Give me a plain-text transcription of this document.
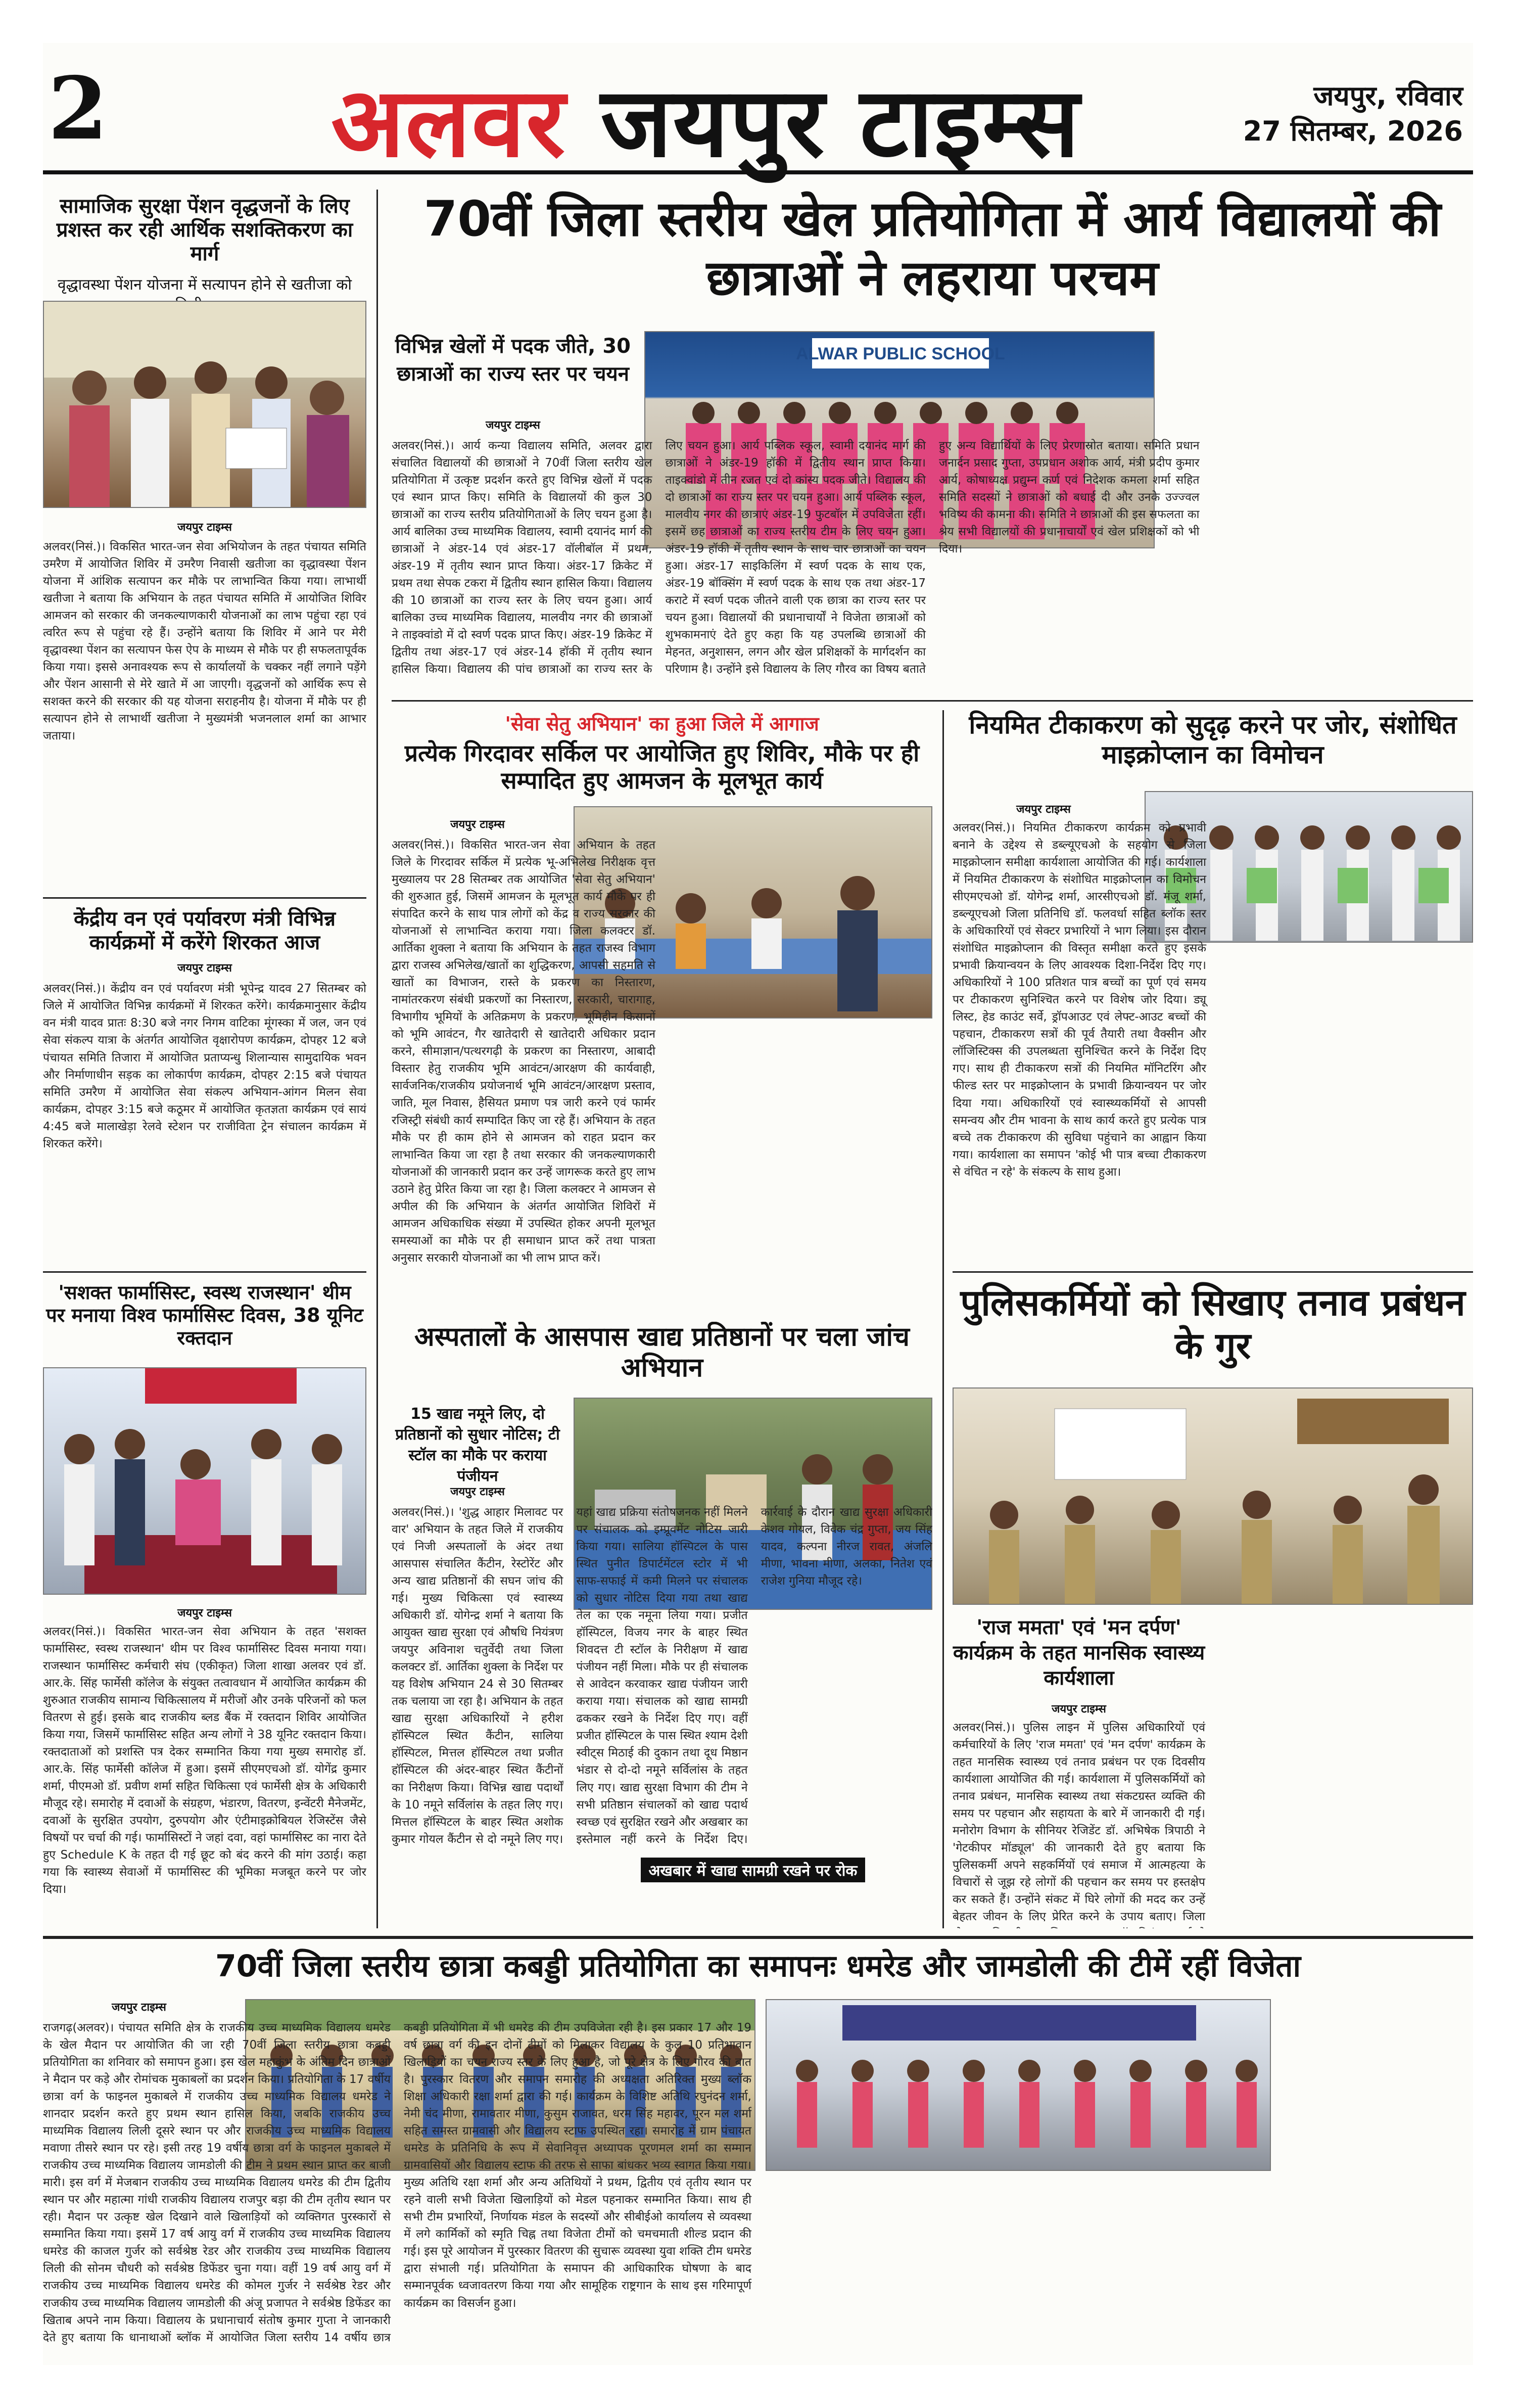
2 अलवर जयपुर टाइम्स	जयपुर, रविवार
27 सितम्बर, 2026
सामाजिक सुरक्षा पेंशन वृद्धजनों के लिए प्रशस्त कर रही आर्थिक सशक्तिकरण का मार्ग
वृद्धावस्था पेंशन योजना में सत्यापन होने से खतीजा को
जयपुर टाइम्स
अलवर(निसं.)। विकसित भारत-जन सेवा अभियोजन के तहत पंचायत समिति उमरैण में आयोजित शिविर में उमरैण निवासी खतीजा का वृद्धावस्था पेंशन योजना में आंशिक सत्यापन कर मौके पर लाभान्वित किया गया। लाभार्थी खतीजा ने बताया कि अभियान के तहत पंचायत समिति में आयोजित शिविर आमजन को सरकार की जनकल्याणकारी योजनाओं का लाभ पहुंचा रहा एवं त्वरित रूप से पहुंचा रहे हैं। उन्होंने बताया कि शिविर में आने पर मेरी वृद्धावस्था पेंशन का सत्यापन फेस ऐप के माध्यम से मौके पर ही सफलतापूर्वक किया गया। इससे अनावश्यक रूप से कार्यालयों के चक्कर नहीं लगाने पड़ेंगे और पेंशन आसानी से मेरे खाते में आ जाएगी। वृद्धजनों को आर्थिक रूप से सशक्त करने की सरकार की यह योजना सराहनीय है। योजना में मौके पर ही सत्यापन होने से लाभार्थी खतीजा ने मुख्यमंत्री भजनलाल शर्मा का आभार जताया।
केंद्रीय वन एवं पर्यावरण मंत्री विभिन्न कार्यक्रमों में करेंगे शिरकत आज
जयपुर टाइम्स
अलवर(निसं.)। केंद्रीय वन एवं पर्यावरण मंत्री भूपेन्द्र यादव 27 सितम्बर को जिले में आयोजित विभिन्न कार्यक्रमों में शिरकत करेंगे। कार्यक्रमानुसार केंद्रीय वन मंत्री यादव प्रातः 8:30 बजे नगर निगम वाटिका मूंगस्का में जल, जन एवं सेवा संकल्प यात्रा के अंतर्गत आयोजित वृक्षारोपण कार्यक्रम, दोपहर 12 बजे पंचायत समिति तिजारा में आयोजित प्रताप्यन्धु शिलान्यास सामुदायिक भवन और निर्माणाधीन सड़क का लोकार्पण कार्यक्रम, दोपहर 2:15 बजे पंचायत समिति उमरैण में आयोजित सेवा संकल्प अभियान-आंगन मिलन सेवा कार्यक्रम, दोपहर 3:15 बजे कठूमर में आयोजित कृतज्ञता कार्यक्रम एवं सायं 4:45 बजे मालाखेड़ा रेलवे स्टेशन पर राजीविता ट्रेन संचालन कार्यक्रम में शिरकत करेंगे।
'सशक्त फार्मासिस्ट, स्वस्थ राजस्थान' थीम पर मनाया विश्व फार्मासिस्ट दिवस, 38 यूनिट रक्तदान
जयपुर टाइम्स
अलवर(निसं.)। विकसित भारत-जन सेवा अभियान के तहत 'सशक्त फार्मासिस्ट, स्वस्थ राजस्थान' थीम पर विश्व फार्मासिस्ट दिवस मनाया गया। राजस्थान फार्मासिस्ट कर्मचारी संघ (एकीकृत) जिला शाखा अलवर एवं डॉ. आर.के. सिंह फार्मेसी कॉलेज के संयुक्त तत्वावधान में आयोजित कार्यक्रम की शुरुआत राजकीय सामान्य चिकित्सालय में मरीजों और उनके परिजनों को फल वितरण से हुई। इसके बाद राजकीय ब्लड बैंक में रक्तदान शिविर आयोजित किया गया, जिसमें फार्मासिस्ट सहित अन्य लोगों ने 38 यूनिट रक्तदान किया। रक्तदाताओं को प्रशस्ति पत्र देकर सम्मानित किया गया मुख्य समारोह डॉ. आर.के. सिंह फार्मेसी कॉलेज में हुआ। इसमें सीएमएचओ डॉ. योगेंद्र कुमार शर्मा, पीएमओ डॉ. प्रवीण शर्मा सहित चिकित्सा एवं फार्मेसी क्षेत्र के अधिकारी मौजूद रहे। समारोह में दवाओं के संग्रहण, भंडारण, वितरण, इन्वेंटरी मैनेजमेंट, दवाओं के सुरक्षित उपयोग, दुरुपयोग और एंटीमाइक्रोबियल रेजिस्टेंस जैसे विषयों पर चर्चा की गई। फार्मासिस्टों ने जहां दवा, वहां फार्मासिस्ट का नारा देते हुए Schedule K के तहत दी गई छूट को बंद करने की मांग उठाई। कहा गया कि स्वास्थ्य सेवाओं में फार्मासिस्ट की भूमिका मजबूत करने पर जोर दिया।
70वीं जिला स्तरीय खेल प्रतियोगिता में आर्य विद्यालयों की छात्राओं ने लहराया परचम
विभिन्न खेलों में पदक जीते, 30 छात्राओं का राज्य स्तर पर चयन
जयपुर टाइम्स
ALWAR PUBLIC SCHOOL
अलवर(निसं.)। आर्य कन्या विद्यालय समिति, अलवर द्वारा संचालित विद्यालयों की छात्राओं ने 70वीं जिला स्तरीय खेल प्रतियोगिता में उत्कृष्ट प्रदर्शन करते हुए विभिन्न खेलों में पदक एवं स्थान प्राप्त किए। समिति के विद्यालयों की कुल 30 छात्राओं का राज्य स्तरीय प्रतियोगिताओं के लिए चयन हुआ है। आर्य बालिका उच्च माध्यमिक विद्यालय, स्वामी दयानंद मार्ग की छात्राओं ने अंडर-14 एवं अंडर-17 वॉलीबॉल में प्रथम, अंडर-19 में तृतीय स्थान प्राप्त किया। अंडर-17 क्रिकेट में प्रथम तथा सेपक टकरा में द्वितीय स्थान हासिल किया। विद्यालय की 10 छात्राओं का राज्य स्तर के लिए चयन हुआ। आर्य बालिका उच्च माध्यमिक विद्यालय, मालवीय नगर की छात्राओं ने ताइक्वांडो में दो स्वर्ण पदक प्राप्त किए। अंडर-19 क्रिकेट में द्वितीय तथा अंडर-17 एवं अंडर-14 हॉकी में तृतीय स्थान हासिल किया। विद्यालय की पांच छात्राओं का राज्य स्तर के लिए चयन हुआ। आर्य पब्लिक स्कूल, स्वामी दयानंद मार्ग की छात्राओं ने अंडर-19 हॉकी में द्वितीय स्थान प्राप्त किया। ताइक्वांडो में तीन रजत एवं दो कांस्य पदक जीते। विद्यालय की दो छात्राओं का राज्य स्तर पर चयन हुआ। आर्य पब्लिक स्कूल, मालवीय नगर की छात्राएं अंडर-19 फुटबॉल में उपविजेता रहीं। इसमें छह छात्राओं का राज्य स्तरीय टीम के लिए चयन हुआ। अंडर-19 हॉकी में तृतीय स्थान के साथ चार छात्राओं का चयन हुआ। अंडर-17 साइकिलिंग में स्वर्ण पदक के साथ एक, अंडर-19 बॉक्सिंग में स्वर्ण पदक के साथ एक तथा अंडर-17 कराटे में स्वर्ण पदक जीतने वाली एक छात्रा का राज्य स्तर पर चयन हुआ। विद्यालयों की प्रधानाचार्यों ने विजेता छात्राओं को शुभकामनाएं देते हुए कहा कि यह उपलब्धि छात्राओं की मेहनत, अनुशासन, लगन और खेल प्रशिक्षकों के मार्गदर्शन का परिणाम है। उन्होंने इसे विद्यालय के लिए गौरव का विषय बताते हुए अन्य विद्यार्थियों के लिए प्रेरणास्रोत बताया। समिति प्रधान जनार्दन प्रसाद गुप्ता, उपप्रधान अशोक आर्य, मंत्री प्रदीप कुमार आर्य, कोषाध्यक्ष प्रद्युम्न कर्ण एवं निदेशक कमला शर्मा सहित समिति सदस्यों ने छात्राओं को बधाई दी और उनके उज्ज्वल भविष्य की कामना की। समिति ने छात्राओं की इस सफलता का श्रेय सभी विद्यालयों की प्रधानाचार्यों एवं खेल प्रशिक्षकों को भी दिया।
'सेवा सेतु अभियान' का हुआ जिले में आगाज
प्रत्येक गिरदावर सर्किल पर आयोजित हुए शिविर, मौके पर ही सम्पादित हुए आमजन के मूलभूत कार्य
जयपुर टाइम्स
अलवर(निसं.)। विकसित भारत-जन सेवा अभियान के तहत जिले के गिरदावर सर्किल में प्रत्येक भू-अभिलेख निरीक्षक वृत्त मुख्यालय पर 28 सितम्बर तक आयोजित 'सेवा सेतु अभियान' की शुरुआत हुई, जिसमें आमजन के मूलभूत कार्य मौके पर ही संपादित करने के साथ पात्र लोगों को केंद्र व राज्य सरकार की योजनाओं से लाभान्वित कराया गया। जिला कलक्टर डॉ. आर्तिका शुक्ला ने बताया कि अभियान के तहत राजस्व विभाग द्वारा राजस्व अभिलेख/खातों का शुद्धिकरण, आपसी सहमति से खातों का विभाजन, रास्ते के प्रकरण का निस्तारण, नामांतरकरण संबंधी प्रकरणों का निस्तारण, सरकारी, चारागाह, विभागीय भूमियों के अतिक्रमण के प्रकरण, भूमिहीन किसानों को भूमि आवंटन, गैर खातेदारी से खातेदारी अधिकार प्रदान करने, सीमाज्ञान/पत्थरगढ़ी के प्रकरण का निस्तारण, आबादी विस्तार हेतु राजकीय भूमि आवंटन/आरक्षण की कार्यवाही, सार्वजनिक/राजकीय प्रयोजनार्थ भूमि आवंटन/आरक्षण प्रस्ताव, जाति, मूल निवास, हैसियत प्रमाण पत्र जारी करने एवं फार्मर रजिस्ट्री संबंधी कार्य सम्पादित किए जा रहे हैं। अभियान के तहत मौके पर ही काम होने से आमजन को राहत प्रदान कर लाभान्वित किया जा रहा है तथा सरकार की जनकल्याणकारी योजनाओं की जानकारी प्रदान कर उन्हें जागरूक करते हुए लाभ उठाने हेतु प्रेरित किया जा रहा है। जिला कलक्टर ने आमजन से अपील की कि अभियान के अंतर्गत आयोजित शिविरों में आमजन अधिकाधिक संख्या में उपस्थित होकर अपनी मूलभूत समस्याओं का मौके पर ही समाधान प्राप्त करें तथा पात्रता अनुसार सरकारी योजनाओं का भी लाभ प्राप्त करें।
नियमित टीकाकरण को सुदृढ़ करने पर जोर, संशोधित माइक्रोप्लान का विमोचन
जयपुर टाइम्स
अलवर(निसं.)। नियमित टीकाकरण कार्यक्रम को प्रभावी बनाने के उद्देश्य से डब्ल्यूएचओ के सहयोग से जिला माइक्रोप्लान समीक्षा कार्यशाला आयोजित की गई। कार्यशाला में नियमित टीकाकरण के संशोधित माइक्रोप्लान का विमोचन सीएमएचओ डॉ. योगेन्द्र शर्मा, आरसीएचओ डॉ. मंजू शर्मा, डब्ल्यूएचओ जिला प्रतिनिधि डॉ. फलवर्धा सहित ब्लॉक स्तर के अधिकारियों एवं सेक्टर प्रभारियों ने भाग लिया। इस दौरान संशोधित माइक्रोप्लान की विस्तृत समीक्षा करते हुए इसके प्रभावी क्रियान्वयन के लिए आवश्यक दिशा-निर्देश दिए गए। अधिकारियों ने 100 प्रतिशत पात्र बच्चों का पूर्ण एवं समय पर टीकाकरण सुनिश्चित करने पर विशेष जोर दिया। ड्यू लिस्ट, हेड काउंट सर्वे, ड्रॉपआउट एवं लेफ्ट-आउट बच्चों की पहचान, टीकाकरण सत्रों की पूर्व तैयारी तथा वैक्सीन और लॉजिस्टिक्स की उपलब्धता सुनिश्चित करने के निर्देश दिए गए। साथ ही टीकाकरण सत्रों की नियमित मॉनिटरिंग और फील्ड स्तर पर माइक्रोप्लान के प्रभावी क्रियान्वयन पर जोर दिया गया। अधिकारियों एवं स्वास्थ्यकर्मियों से आपसी समन्वय और टीम भावना के साथ कार्य करते हुए प्रत्येक पात्र बच्चे तक टीकाकरण की सुविधा पहुंचाने का आह्वान किया गया। कार्यशाला का समापन 'कोई भी पात्र बच्चा टीकाकरण से वंचित न रहे' के संकल्प के साथ हुआ।
अस्पतालों के आसपास खाद्य प्रतिष्ठानों पर चला जांच अभियान
15 खाद्य नमूने लिए, दो प्रतिष्ठानों को सुधार नोटिस; टी स्टॉल का मौके पर कराया पंजीयन
जयपुर टाइम्स
अलवर(निसं.)। 'शुद्ध आहार मिलावट पर वार' अभियान के तहत जिले में राजकीय एवं निजी अस्पतालों के अंदर तथा आसपास संचालित कैंटीन, रेस्टोरेंट और अन्य खाद्य प्रतिष्ठानों की सघन जांच की गई। मुख्य चिकित्सा एवं स्वास्थ्य अधिकारी डॉ. योगेन्द्र शर्मा ने बताया कि आयुक्त खाद्य सुरक्षा एवं औषधि नियंत्रण जयपुर अविनाश चतुर्वेदी तथा जिला कलक्टर डॉ. आर्तिका शुक्ला के निर्देश पर यह विशेष अभियान 24 से 30 सितम्बर तक चलाया जा रहा है। अभियान के तहत खाद्य सुरक्षा अधिकारियों ने हरीश हॉस्पिटल स्थित कैंटीन, सालिया हॉस्पिटल, मित्तल हॉस्पिटल तथा प्रजीत हॉस्पिटल की अंदर-बाहर स्थित कैंटीनों का निरीक्षण किया। विभिन्न खाद्य पदार्थों के 10 नमूने सर्विलांस के तहत लिए गए। मित्तल हॉस्पिटल के बाहर स्थित अशोक कुमार गोयल कैंटीन से दो नमूने लिए गए। यहां खाद्य प्रक्रिया संतोषजनक नहीं मिलने पर संचालक को इम्प्रूवमेंट नोटिस जारी किया गया। सालिया हॉस्पिटल के पास स्थित पुनीत डिपार्टमेंटल स्टोर में भी साफ-सफाई में कमी मिलने पर संचालक को सुधार नोटिस दिया गया तथा खाद्य तेल का एक नमूना लिया गया। प्रजीत हॉस्पिटल, विजय नगर के बाहर स्थित शिवदत्त टी स्टॉल के निरीक्षण में खाद्य पंजीयन नहीं मिला। मौके पर ही संचालक से आवेदन करवाकर खाद्य पंजीयन जारी कराया गया। संचालक को खाद्य सामग्री ढककर रखने के निर्देश दिए गए। वहीं प्रजीत हॉस्पिटल के पास स्थित श्याम देशी स्वीट्स मिठाई की दुकान तथा दूध मिष्ठान भंडार से दो-दो नमूने सर्विलांस के तहत लिए गए। खाद्य सुरक्षा विभाग की टीम ने सभी प्रतिष्ठान संचालकों को खाद्य पदार्थ स्वच्छ एवं सुरक्षित रखने और अखबार का इस्तेमाल नहीं करने के निर्देश दिए। कार्रवाई के दौरान खाद्य सुरक्षा अधिकारी केशव गोयल, विवेक चंद्र गुप्ता, जय सिंह यादव, कल्पना नीरज रावत, अंजलि मीणा, भावना मीणा, अलका, नितेश एवं राजेश गुनिया मौजूद रहे।
अखबार में खाद्य सामग्री रखने पर रोक
पुलिसकर्मियों को सिखाए तनाव प्रबंधन के गुर
'राज ममता' एवं 'मन दर्पण' कार्यक्रम के तहत मानसिक स्वास्थ्य कार्यशाला
जयपुर टाइम्स
अलवर(निसं.)। पुलिस लाइन में पुलिस अधिकारियों एवं कर्मचारियों के लिए 'राज ममता' एवं 'मन दर्पण' कार्यक्रम के तहत मानसिक स्वास्थ्य एवं तनाव प्रबंधन पर एक दिवसीय कार्यशाला आयोजित की गई। कार्यशाला में पुलिसकर्मियों को तनाव प्रबंधन, मानसिक स्वास्थ्य तथा संकटग्रस्त व्यक्ति की समय पर पहचान और सहायता के बारे में जानकारी दी गई। मनोरोग विभाग के सीनियर रेजिडेंट डॉ. अभिषेक त्रिपाठी ने 'गेटकीपर मॉड्यूल' की जानकारी देते हुए बताया कि पुलिसकर्मी अपने सहकर्मियों एवं समाज में आत्महत्या के विचारों से जूझ रहे लोगों की पहचान कर समय पर हस्तक्षेप कर सकते हैं। उन्होंने संकट में घिरे लोगों की मदद कर उन्हें बेहतर जीवन के लिए प्रेरित करने के उपाय बताए। जिला
70वीं जिला स्तरीय छात्रा कबड्डी प्रतियोगिता का समापनः धमरेड और जामडोली की टीमें रहीं विजेता
जयपुर टाइम्स
राजगढ़(अलवर)। पंचायत समिति क्षेत्र के राजकीय उच्च माध्यमिक विद्यालय धमरेड के खेल मैदान पर आयोजित की जा रही 70वीं जिला स्तरीय छात्रा कबड्डी प्रतियोगिता का शनिवार को समापन हुआ। इस खेल महाकुंभ के अंतिम दिन छात्राओं ने मैदान पर कड़े और रोमांचक मुकाबलों का प्रदर्शन किया। प्रतियोगिता के 17 वर्षीय छात्रा वर्ग के फाइनल मुकाबले में राजकीय उच्च माध्यमिक विद्यालय धमरेड ने शानदार प्रदर्शन करते हुए प्रथम स्थान हासिल किया, जबकि राजकीय उच्च माध्यमिक विद्यालय लिली दूसरे स्थान पर और राजकीय उच्च माध्यमिक विद्यालय मवाणा तीसरे स्थान पर रहे। इसी तरह 19 वर्षीय छात्रा वर्ग के फाइनल मुकाबले में राजकीय उच्च माध्यमिक विद्यालय जामडोली की टीम ने प्रथम स्थान प्राप्त कर बाजी मारी। इस वर्ग में मेजबान राजकीय उच्च माध्यमिक विद्यालय धमरेड की टीम द्वितीय स्थान पर और महात्मा गांधी राजकीय विद्यालय राजपुर बड़ा की टीम तृतीय स्थान पर रही। मैदान पर उत्कृष्ट खेल दिखाने वाले खिलाड़ियों को व्यक्तिगत पुरस्कारों से सम्मानित किया गया। इसमें 17 वर्ष आयु वर्ग में राजकीय उच्च माध्यमिक विद्यालय धमरेड की काजल गुर्जर को सर्वश्रेष्ठ रेडर और राजकीय उच्च माध्यमिक विद्यालय लिली की सोनम चौधरी को सर्वश्रेष्ठ डिफेंडर चुना गया। वहीं 19 वर्ष आयु वर्ग में राजकीय उच्च माध्यमिक विद्यालय धमरेड की कोमल गुर्जर ने सर्वश्रेष्ठ रेडर और राजकीय उच्च माध्यमिक विद्यालय जामडोली की अंजू प्रजापत ने सर्वश्रेष्ठ डिफेंडर का खिताब अपने नाम किया। विद्यालय के प्रधानाचार्य संतोष कुमार गुप्ता ने जानकारी देते हुए बताया कि धानाथाओं ब्लॉक में आयोजित जिला स्तरीय 14 वर्षीय छात्र कबड्डी प्रतियोगिता में भी धमरेड की टीम उपविजेता रही है। इस प्रकार 17 और 19 वर्ष छात्रा वर्ग की इन दोनों टीमों को मिलाकर विद्यालय के कुल 10 प्रतिभावान खिलाड़ियों का चयन राज्य स्तर के लिए हुआ है, जो पूरे क्षेत्र के लिए गौरव की बात है। पुरस्कार वितरण और समापन समारोह की अध्यक्षता अतिरिक्त मुख्य ब्लॉक शिक्षा अधिकारी रक्षा शर्मा द्वारा की गई। कार्यक्रम के विशिष्ट अतिथि रघुनंदन शर्मा, नेमी चंद मीणा, रामावतार मीणा, कुसुम राजावत, धरम सिंह महावर, पूरन मल शर्मा सहित समस्त ग्रामवासी और विद्यालय स्टाफ उपस्थित रहा। समारोह में ग्राम पंचायत धमरेड के प्रतिनिधि के रूप में सेवानिवृत्त अध्यापक पूरणमल शर्मा का सम्मान ग्रामवासियों और विद्यालय स्टाफ की तरफ से साफा बांधकर भव्य स्वागत किया गया। मुख्य अतिथि रक्षा शर्मा और अन्य अतिथियों ने प्रथम, द्वितीय एवं तृतीय स्थान पर रहने वाली सभी विजेता खिलाड़ियों को मेडल पहनाकर सम्मानित किया। साथ ही सभी टीम प्रभारियों, निर्णायक मंडल के सदस्यों और सीबीईओ कार्यालय से व्यवस्था में लगे कार्मिकों को स्मृति चिह्न तथा विजेता टीमों को चमचमाती शील्ड प्रदान की गई। इस पूरे आयोजन में पुरस्कार वितरण की सुचारू व्यवस्था युवा शक्ति टीम धमरेड द्वारा संभाली गई। प्रतियोगिता के समापन की आधिकारिक घोषणा के बाद सम्मानपूर्वक ध्वजावतरण किया गया और सामूहिक राष्ट्रगान के साथ इस गरिमापूर्ण कार्यक्रम का विसर्जन हुआ।
